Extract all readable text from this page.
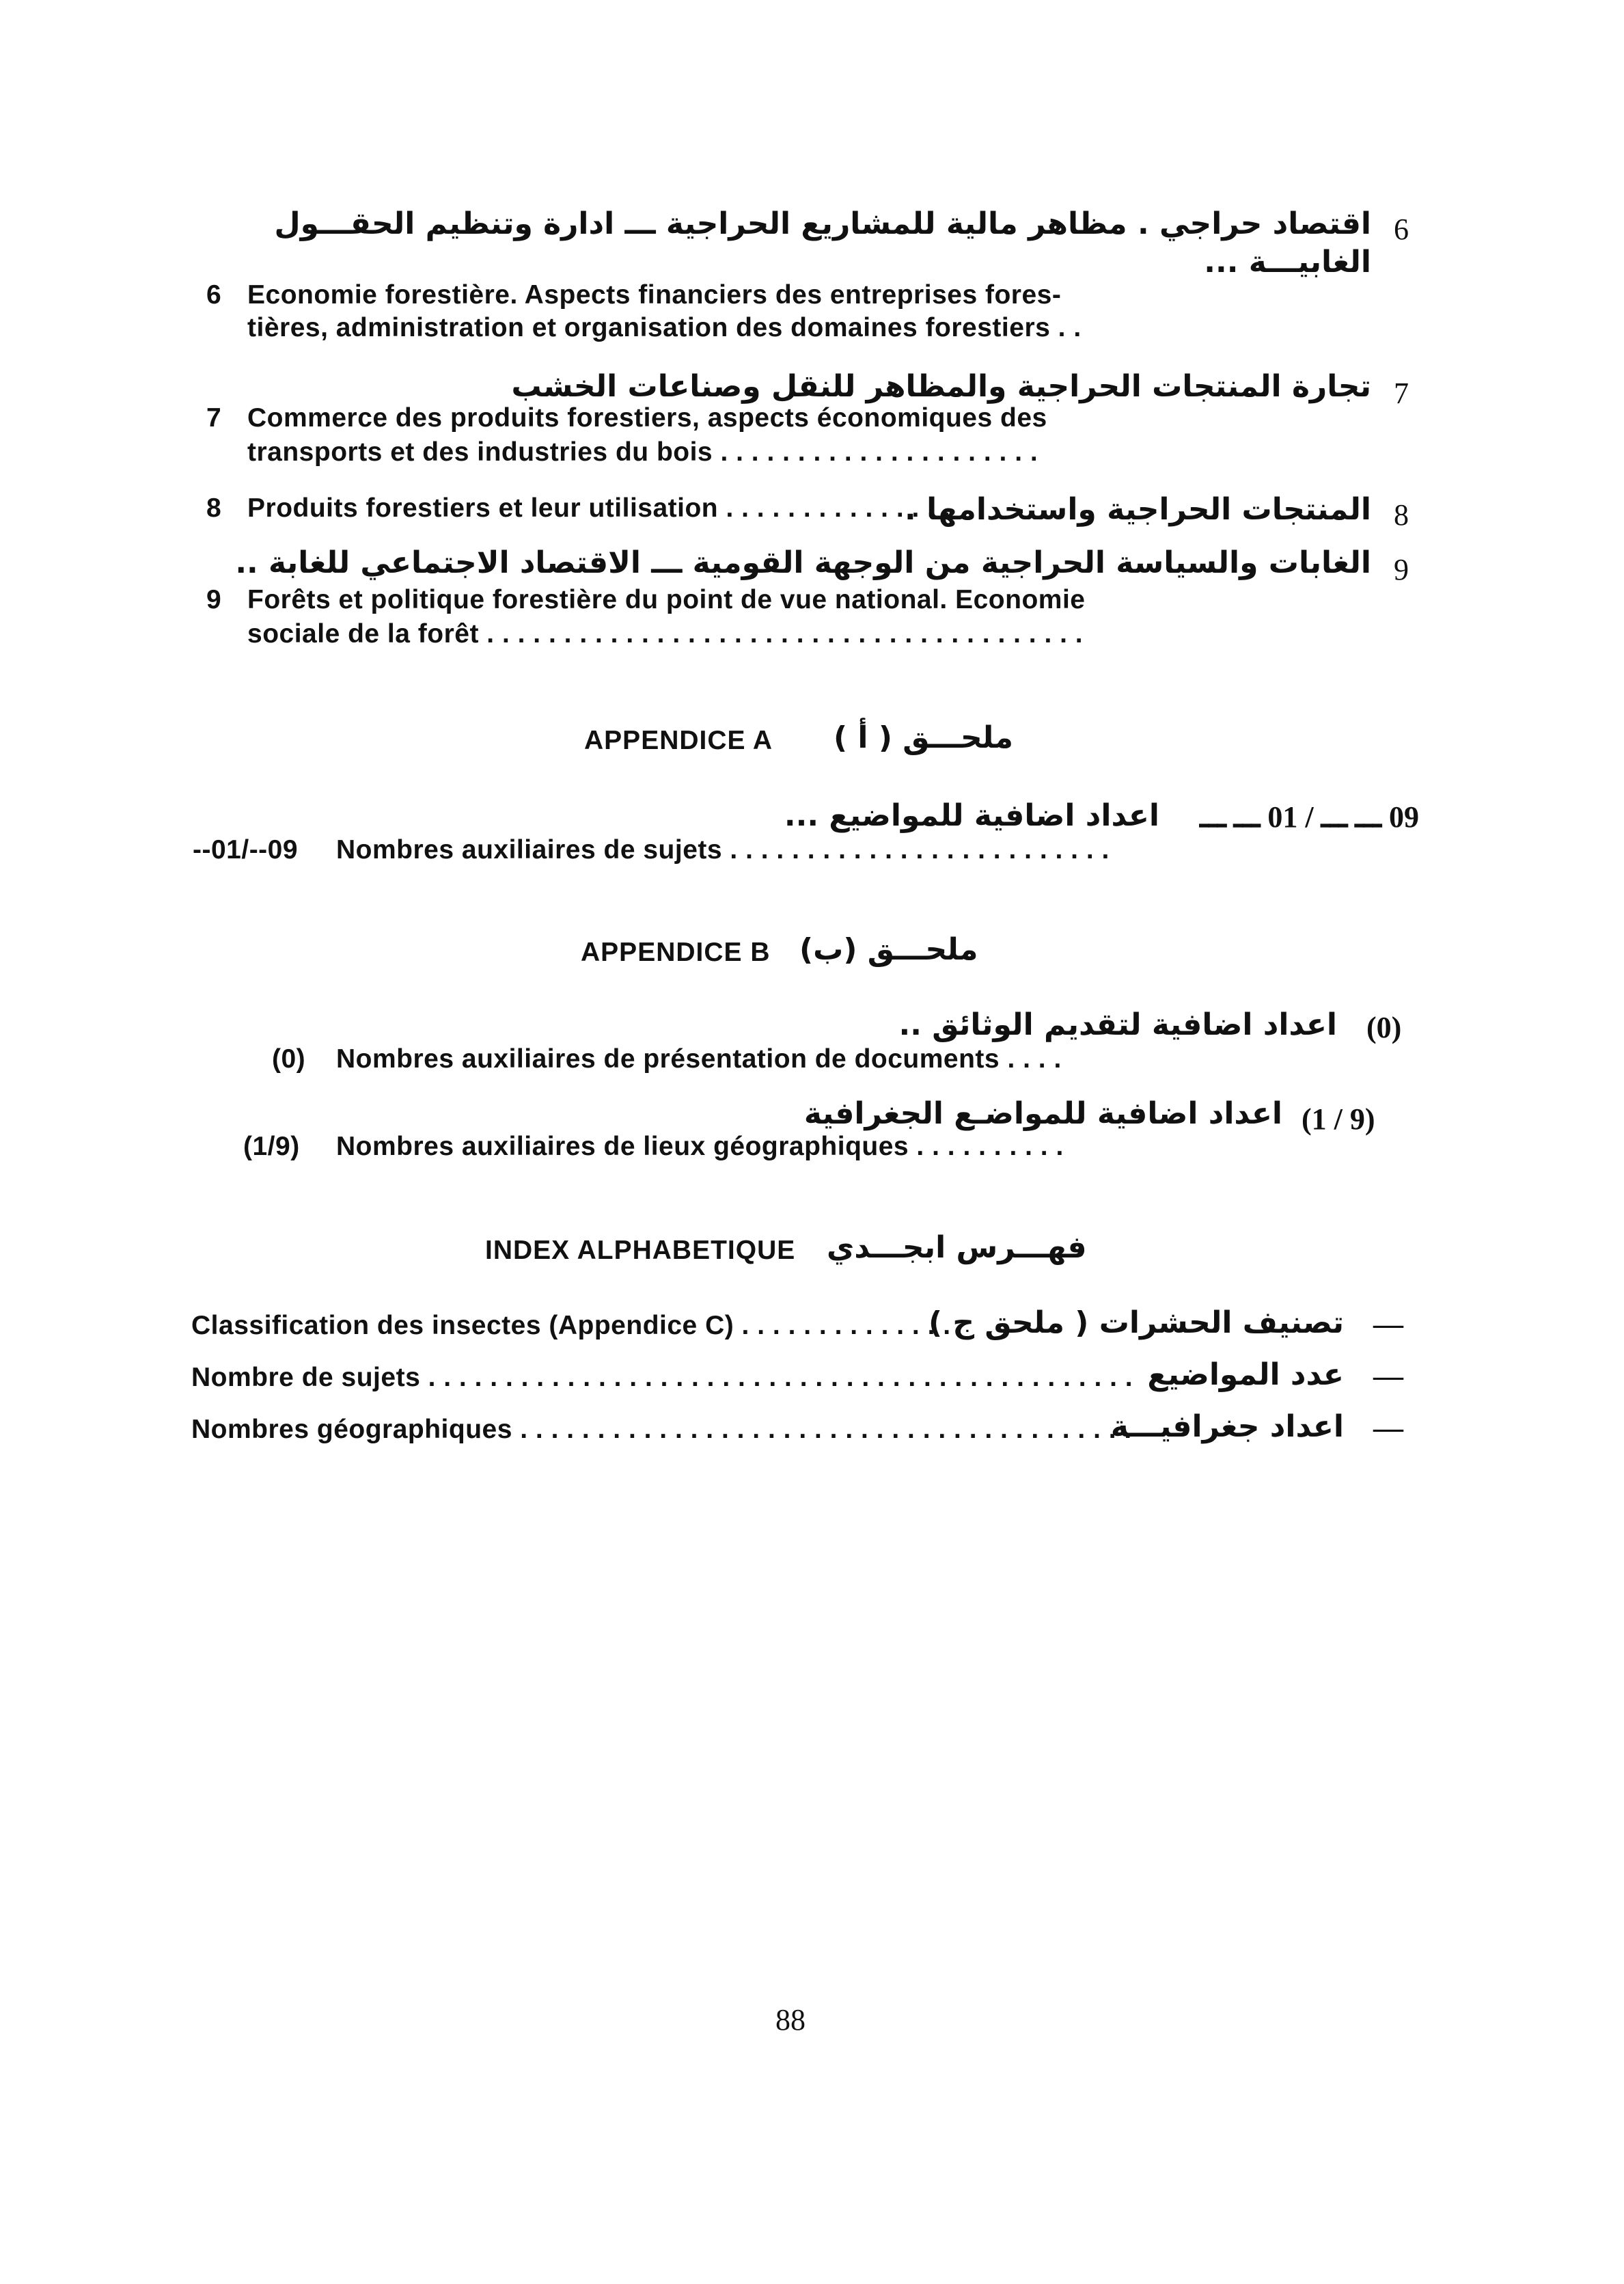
6
اقتصاد حراجي . مظاهر مالية للمشاريع الحراجية ـــ ادارة وتنظيم الحقـــول
الغابيـــة ...
6 Economie forestière. Aspects financiers des entreprises fores-
tières, administration et organisation des domaines forestiers . .
7
تجارة المنتجات الحراجية والمظاهر للنقل وصناعات الخشب
7 Commerce des produits forestiers, aspects économiques des
transports et des industries du bois . . . . . . . . . . . . . . . . . . . . .
8
المنتجات الحراجية واستخدامها .
8 Produits forestiers et leur utilisation . . . . . . . . . . . . . . .
9
الغابات والسياسة الحراجية من الوجهة القومية ـــ الاقتصاد الاجتماعي للغابة ..
9 Forêts et politique forestière du point de vue national. Economie
sociale de la forêt . . . . . . . . . . . . . . . . . . . . . . . . . . . . . . . . . . . . . . .
APPENDICE A ملحـــق ( أ )
09 ـــ ـــ / 01 ـــ ـــ
اعداد اضافية للمواضيع ...
--01/--09 Nombres auxiliaires de sujets . . . . . . . . . . . . . . . . . . . . . . . . .
APPENDICE B ملحـــق (ب)
(0)
اعداد اضافية لتقديم الوثائق ..
(0) Nombres auxiliaires de présentation de documents . . . .
(9 / 1)
اعداد اضافية للمواضـع الجغرافية
(1/9) Nombres auxiliaires de lieux géographiques . . . . . . . . . .
INDEX ALPHABETIQUE فهـــرس ابجـــدي
Classification des insectes (Appendice C) . . . . . . . . . . . . . .
تصنيف الحشرات ( ملحق ج ) —
Nombre de sujets . . . . . . . . . . . . . . . . . . . . . . . . . . . . . . . . . . . . . . . . . . . . . . عدد المواضيع —
Nombres géographiques . . . . . . . . . . . . . . . . . . . . . . . . . . . . . . . . . . . . . . . .
اعداد جغرافيـــة —
88
